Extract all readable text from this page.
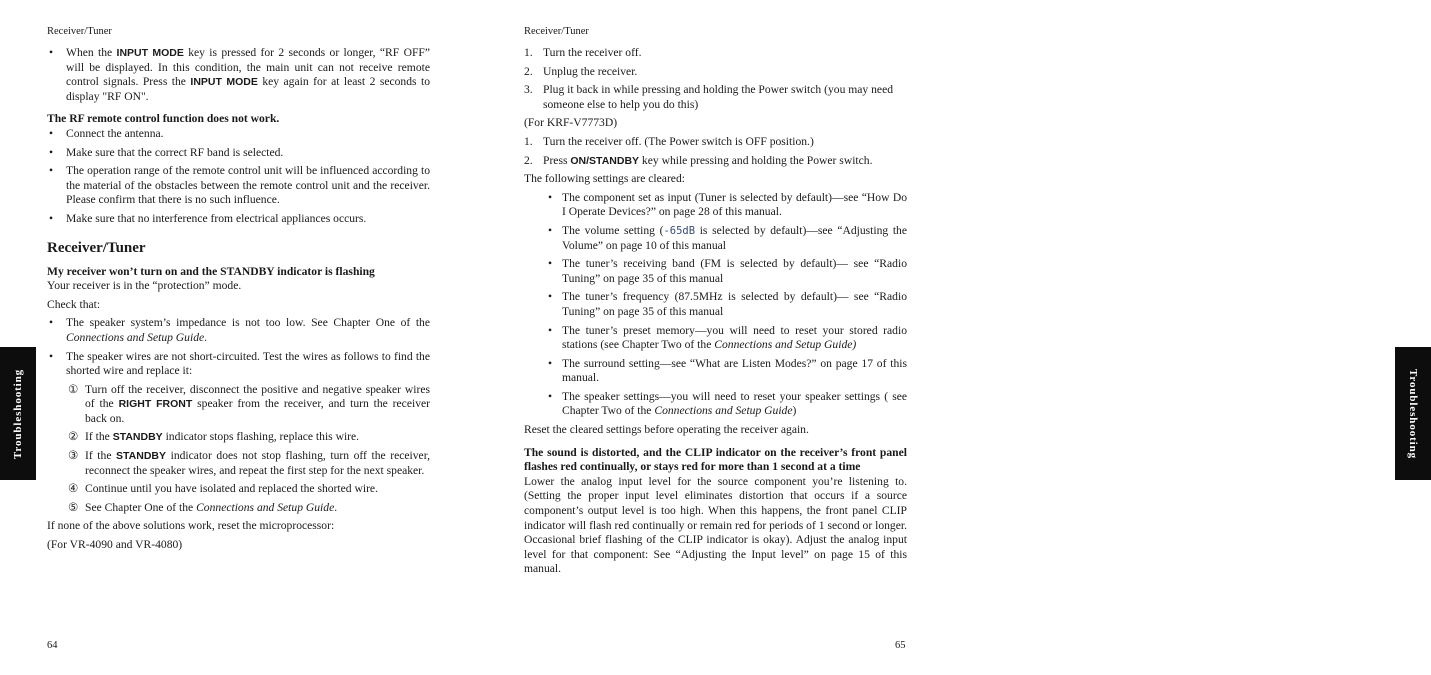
Receiver/Tuner
• When the INPUT MODE key is pressed for 2 seconds or longer, “RF OFF” will be displayed. In this condition, the main unit can not receive remote control signals. Press the INPUT MODE key again for at least 2 seconds to display "RF ON".

The RF remote control function does not work.

• Connect the antenna.
• Make sure that the correct RF band is selected.
• The operation range of the remote control unit will be influenced according to the material of the obstacles between the remote control unit and the receiver. Please confirm that there is no such influence.
• Make sure that no interference from electrical appliances occurs.
Receiver/Tuner

My receiver won’t turn on and the STANDBY indicator is flashing

Your receiver is in the “protection” mode.

Check that:

• The speaker system’s impedance is not too low. See Chapter One of the Connections and Setup Guide.
• The speaker wires are not short-circuited. Test the wires as follows to find the shorted wire and replace it:
① Turn off the receiver, disconnect the positive and negative speaker wires of the RIGHT FRONT speaker from the receiver, and turn the receiver back on.
② If the STANDBY indicator stops flashing, replace this wire.
③ If the STANDBY indicator does not stop flashing, turn off the receiver, reconnect the speaker wires, and repeat the first step for the next speaker.
④ Continue until you have isolated and replaced the shorted wire.
⑤ See Chapter One of the Connections and Setup Guide.

If none of the above solutions work, reset the microprocessor:

(For VR-4090 and VR-4080)

64
Troubleshooting
Receiver/Tuner
1. Turn the receiver off.
2. Unplug the receiver.
3. Plug it back in while pressing and holding the Power switch (you may need someone else to help you do this)

(For KRF-V7773D)

1. Turn the receiver off. (The Power switch is OFF position.)
2. Press ON/STANDBY key while pressing and holding the Power switch.

The following settings are cleared:

• The component set as input (Tuner is selected by default)—see “How Do I Operate Devices?” on page 28 of this manual.
• The volume setting (-65dB is selected by default)—see “Adjusting the Volume” on page 10 of this manual
• The tuner’s receiving band (FM is selected by default)— see “Radio Tuning” on page 35 of this manual
• The tuner’s frequency (87.5MHz is selected by default)— see “Radio Tuning” on page 35 of this manual
• The tuner’s preset memory—you will need to reset your stored radio stations (see Chapter Two of the Connections and Setup Guide)
• The surround setting—see “What are Listen Modes?” on page 17 of this manual.
• The speaker settings—you will need to reset your speaker settings ( see Chapter Two of the Connections and Setup Guide)

Reset the cleared settings before operating the receiver again.

The sound is distorted, and the CLIP indicator on the receiver’s front panel flashes red continually, or stays red for more than 1 second at a time

Lower the analog input level for the source component you’re listening to. (Setting the proper input level eliminates distortion that occurs if a source component’s output level is too high. When this happens, the front panel CLIP indicator will flash red continually or remain red for periods of 1 second or longer. Occasional brief flashing of the CLIP indicator is okay). Adjust the analog input level for that component: See “Adjusting the Input level” on page 15 of this manual.

65
Troubleshooting
